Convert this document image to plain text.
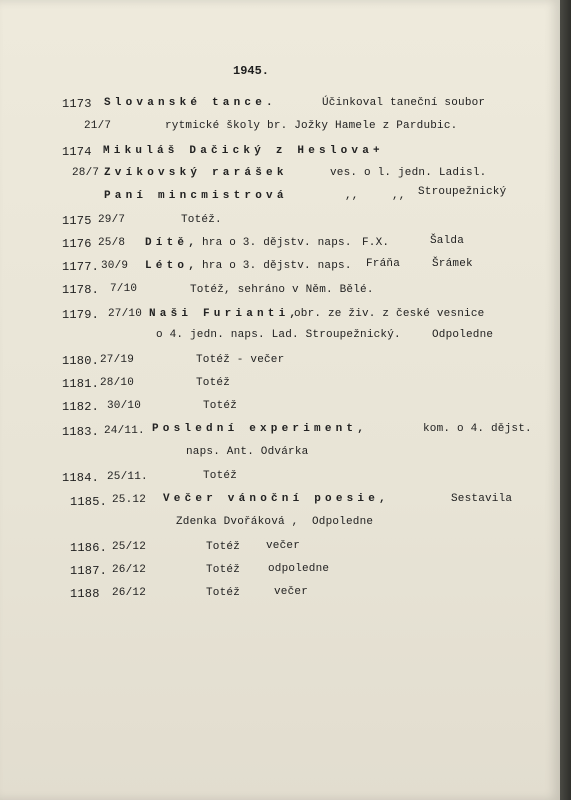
1945.
1173 Slovanské tance.	Účinkoval taneční soubor
21/7	rytmické školy br. Jožky Hamele z Pardubic.
1174 Mikuláš Dačický z Heslova+
28/7 Zvíkovský rarášek	ves. o l. jedn. Ladisl.
Paní mincmistrová	,,	,, Stroupežnický
1175 29/7	Totéž.
1176 25/8 Dítě, hra o 3. dějstv. naps. F.X.	Šalda
1177. 30/9 Léto, hra o 3. dějstv. naps. Fráňa	Šrámek
1178. 7/10	Totéž, sehráno v Něm. Bělé.
1179. 27/10 Naši Furianti,
obr. ze živ. z české vesnice
o 4. jedn. naps. Lad. Stroupežnický.	Odpoledne
1180. 27/19	Totéž - večer
1181. 28/10	Totéž
1182. 30/10	Totéž
1183. 24/11. Poslední experiment,	kom. o 4. dějst.
naps. Ant. Odvárka
1184. 25/11.	Totéž
1185. 25.12 Večer vánoční poesie,	Sestavila
Zdenka Dvořáková , Odpoledne
1186. 25/12	Totéž večer
1187. 26/12	Totéž	odpoledne
1188 26/12	Totéž	večer
